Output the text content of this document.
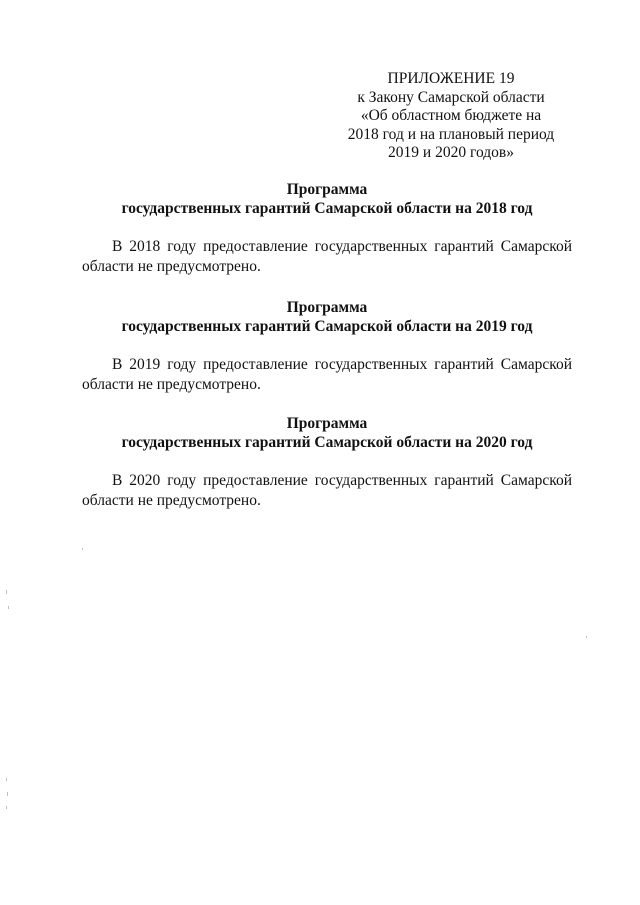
ПРИЛОЖЕНИЕ 19
к Закону Самарской области
«Об областном бюджете на
2018 год и на плановый период
2019 и 2020 годов»
Программа
государственных гарантий Самарской области на 2018 год
В 2018 году предоставление государственных гарантий Самарской
области не предусмотрено.
Программа
государственных гарантий Самарской области на 2019 год
В 2019 году предоставление государственных гарантий Самарской
области не предусмотрено.
Программа
государственных гарантий Самарской области на 2020 год
В 2020 году предоставление государственных гарантий Самарской
области не предусмотрено.
